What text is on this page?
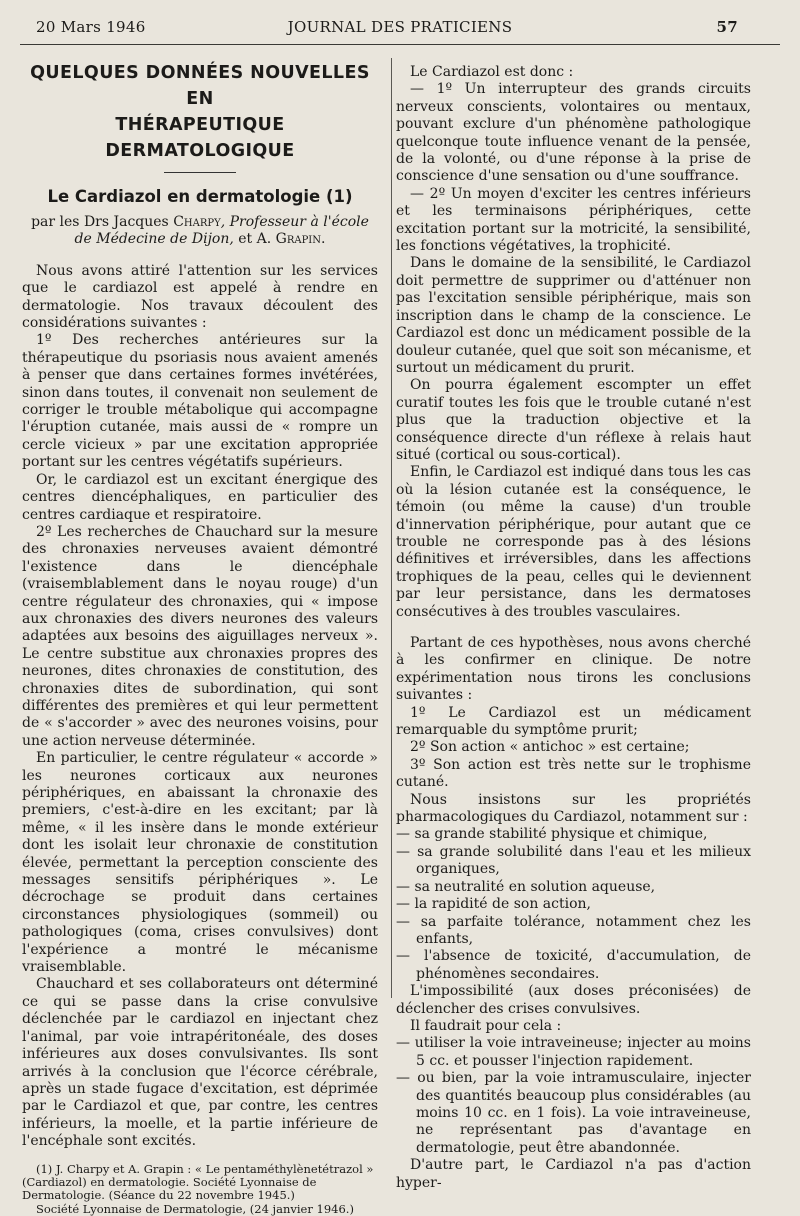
20 Mars 1946	JOURNAL DES PRATICIENS	57
QUELQUES DONNÉES NOUVELLES
EN
THÉRAPEUTIQUE DERMATOLOGIQUE
Le Cardiazol en dermatologie (1)
par les Drs Jacques Charpy, Professeur à l'école de Médecine de Dijon, et A. Grapin.

Nous avons attiré l'attention sur les services que le cardiazol est appelé à rendre en dermatologie. Nos travaux découlent des considérations suivantes :

1º Des recherches antérieures sur la thérapeutique du psoriasis nous avaient amenés à penser que dans certaines formes invétérées, sinon dans toutes, il convenait non seulement de corriger le trouble métabolique qui accompagne l'éruption cutanée, mais aussi de « rompre un cercle vicieux » par une excitation appropriée portant sur les centres végétatifs supérieurs.

Or, le cardiazol est un excitant énergique des centres diencéphaliques, en particulier des centres cardiaque et respiratoire.

2º Les recherches de Chauchard sur la mesure des chronaxies nerveuses avaient démontré l'existence dans le diencéphale (vraisemblablement dans le noyau rouge) d'un centre régulateur des chronaxies, qui « impose aux chronaxies des divers neurones des valeurs adaptées aux besoins des aiguillages nerveux ». Le centre substitue aux chronaxies propres des neurones, dites chronaxies de constitution, des chronaxies dites de subordination, qui sont différentes des premières et qui leur permettent de « s'accorder » avec des neurones voisins, pour une action nerveuse déterminée.

En particulier, le centre régulateur « accorde » les neurones corticaux aux neurones périphériques, en abaissant la chronaxie des premiers, c'est-à-dire en les excitant; par là même, « il les insère dans le monde extérieur dont les isolait leur chronaxie de constitution élevée, permettant la perception consciente des messages sensitifs périphériques ». Le décrochage se produit dans certaines circonstances physiologiques (sommeil) ou pathologiques (coma, crises convulsives) dont l'expérience a montré le mécanisme vraisemblable.

Chauchard et ses collaborateurs ont déterminé ce qui se passe dans la crise convulsive déclenchée par le cardiazol en injectant chez l'animal, par voie intrapéritonéale, des doses inférieures aux doses convulsivantes. Ils sont arrivés à la conclusion que l'écorce cérébrale, après un stade fugace d'excitation, est déprimée par le Cardiazol et que, par contre, les centres inférieurs, la moelle, et la partie inférieure de l'encéphale sont excités.

(1) J. Charpy et A. Grapin : « Le pentaméthylènetétrazol » (Cardiazol) en dermatologie. Société Lyonnaise de Dermatologie. (Séance du 22 novembre 1945.)

Société Lyonnaise de Dermatologie, (24 janvier 1946.)

Le Cardiazol est donc :

— 1º Un interrupteur des grands circuits nerveux conscients, volontaires ou mentaux, pouvant exclure d'un phénomène pathologique quelconque toute influence venant de la pensée, de la volonté, ou d'une réponse à la prise de conscience d'une sensation ou d'une souffrance.

— 2º Un moyen d'exciter les centres inférieurs et les terminaisons périphériques, cette excitation portant sur la motricité, la sensibilité, les fonctions végétatives, la trophicité.

Dans le domaine de la sensibilité, le Cardiazol doit permettre de supprimer ou d'atténuer non pas l'excitation sensible périphérique, mais son inscription dans le champ de la conscience. Le Cardiazol est donc un médicament possible de la douleur cutanée, quel que soit son mécanisme, et surtout un médicament du prurit.

On pourra également escompter un effet curatif toutes les fois que le trouble cutané n'est plus que la traduction objective et la conséquence directe d'un réflexe à relais haut situé (cortical ou sous-cortical).

Enfin, le Cardiazol est indiqué dans tous les cas où la lésion cutanée est la conséquence, le témoin (ou même la cause) d'un trouble d'innervation périphérique, pour autant que ce trouble ne corresponde pas à des lésions définitives et irréversibles, dans les affections trophiques de la peau, celles qui le deviennent par leur persistance, dans les dermatoses consécutives à des troubles vasculaires.

Partant de ces hypothèses, nous avons cherché à les confirmer en clinique. De notre expérimentation nous tirons les conclusions suivantes :

1º Le Cardiazol est un médicament remarquable du symptôme prurit;

2º Son action « antichoc » est certaine;

3º Son action est très nette sur le trophisme cutané.

Nous insistons sur les propriétés pharmacologiques du Cardiazol, notamment sur :

— sa grande stabilité physique et chimique,

— sa grande solubilité dans l'eau et les milieux organiques,

— sa neutralité en solution aqueuse,

— la rapidité de son action,

— sa parfaite tolérance, notamment chez les enfants,

— l'absence de toxicité, d'accumulation, de phénomènes secondaires.

L'impossibilité (aux doses préconisées) de déclencher des crises convulsives.

Il faudrait pour cela :

— utiliser la voie intraveineuse; injecter au moins 5 cc. et pousser l'injection rapidement.

— ou bien, par la voie intramusculaire, injecter des quantités beaucoup plus considérables (au moins 10 cc. en 1 fois). La voie intraveineuse, ne représentant pas d'avantage en dermatologie, peut être abandonnée.

D'autre part, le Cardiazol n'a pas d'action hyper-
